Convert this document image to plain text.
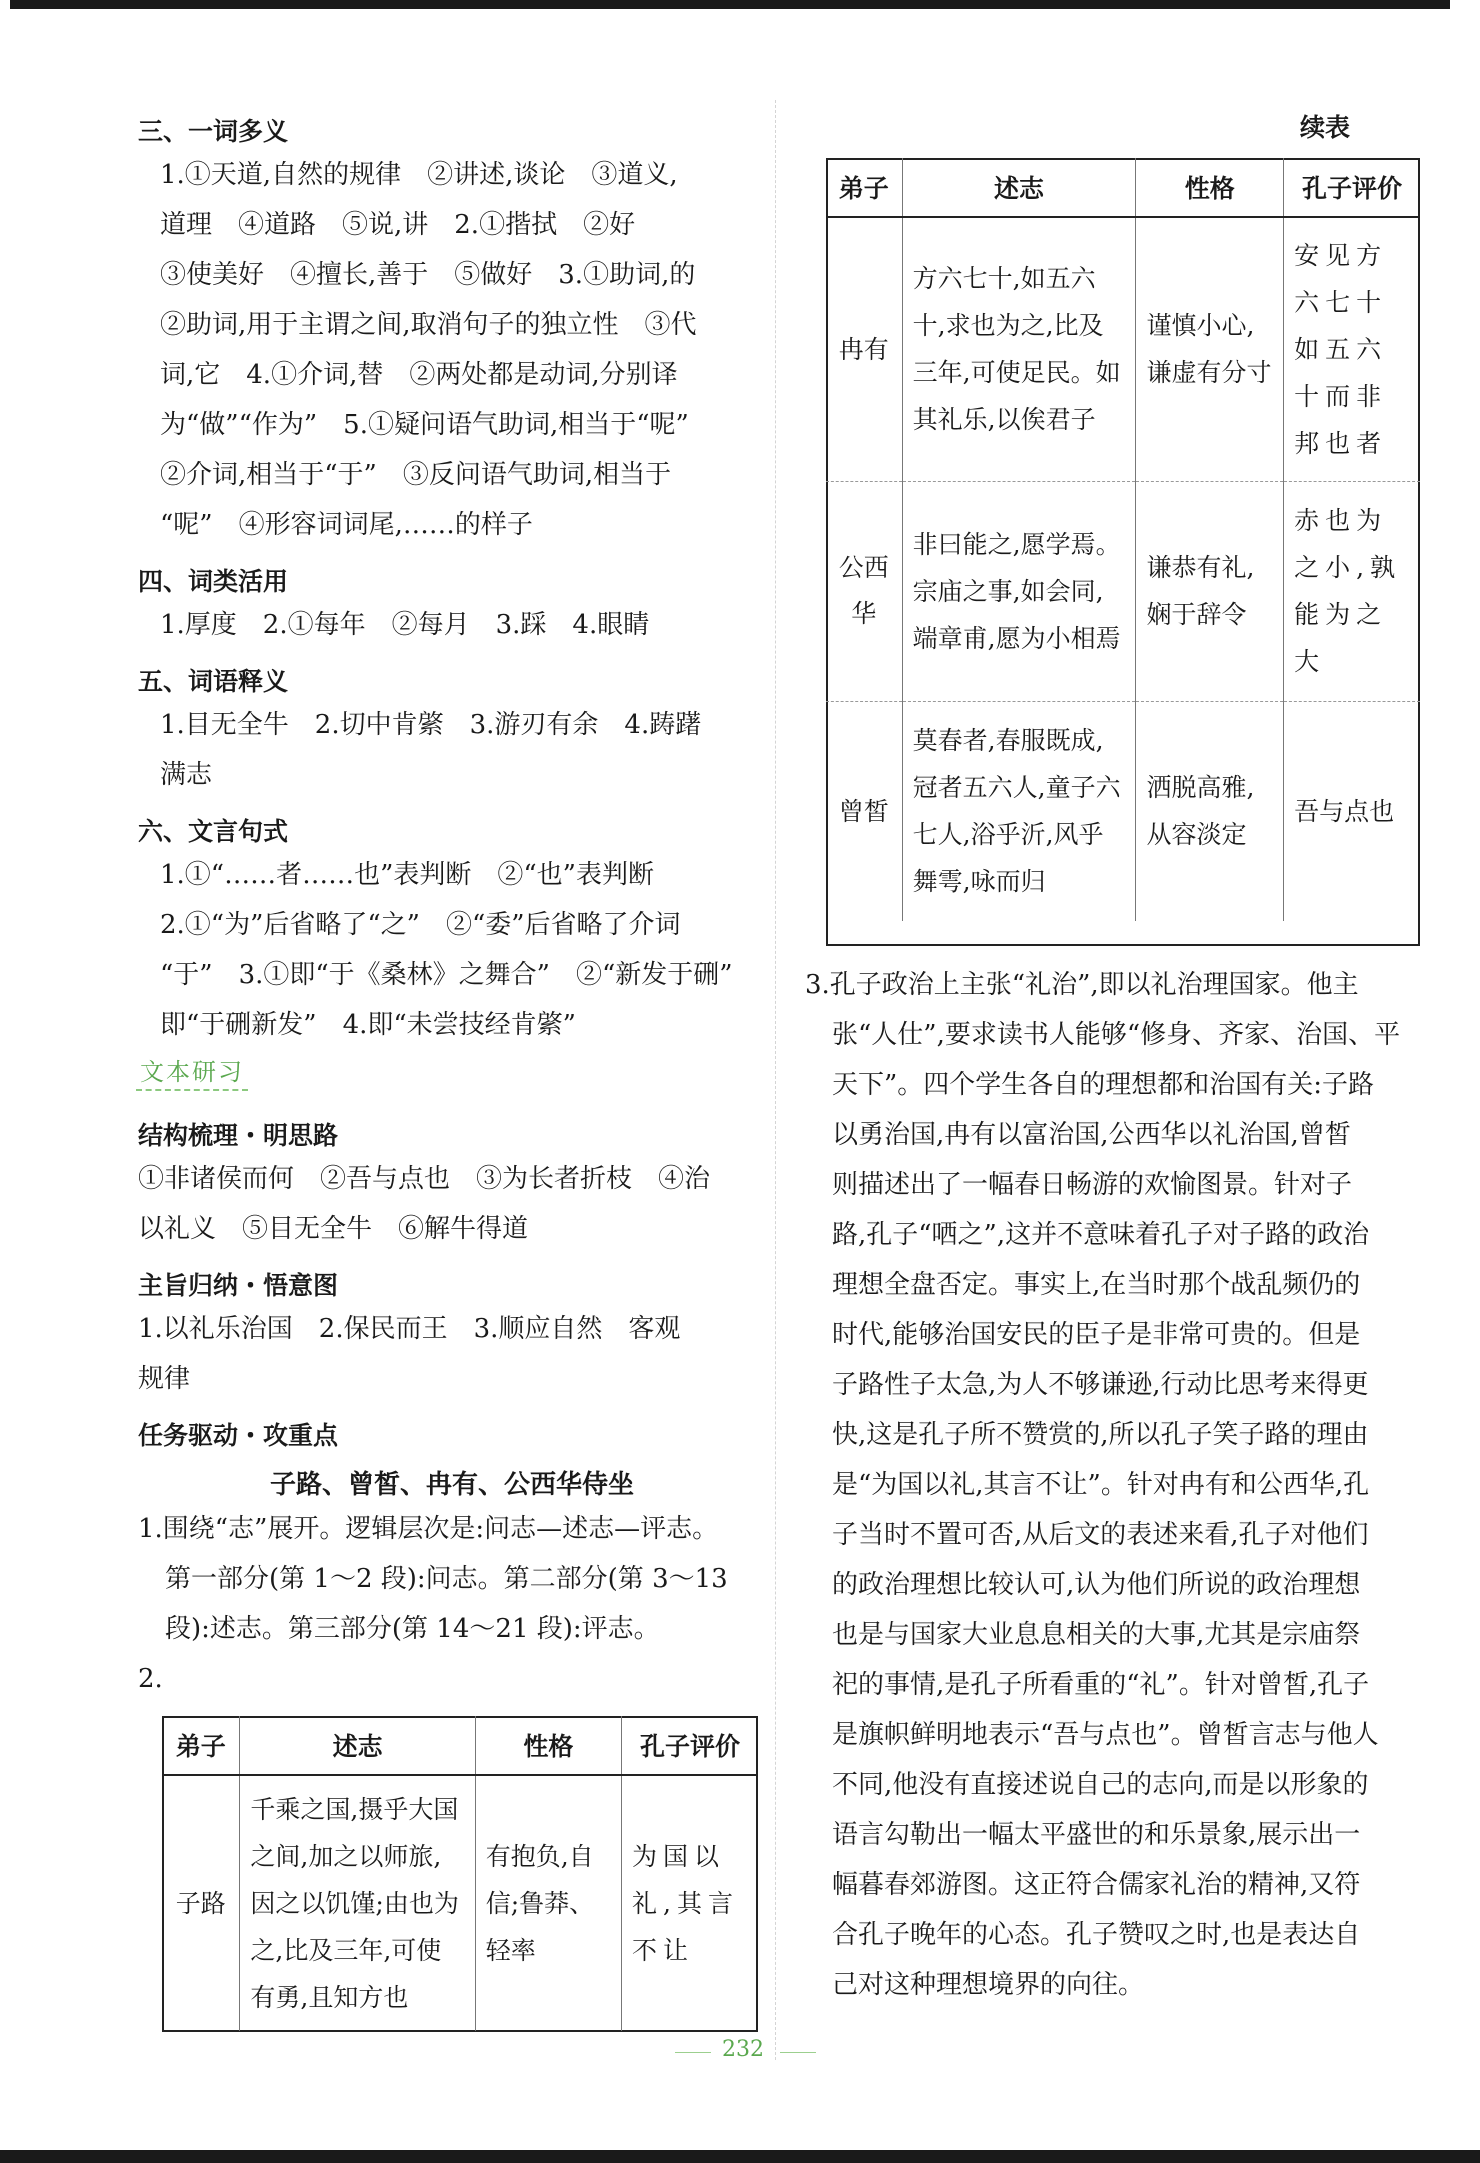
三、一词多义
1.①天道,自然的规律　②讲述,谈论　③道义,
道理　④道路　⑤说,讲　2.①揩拭　②好
③使美好　④擅长,善于　⑤做好　3.①助词,的
②助词,用于主谓之间,取消句子的独立性　③代
词,它　4.①介词,替　②两处都是动词,分别译
为“做”“作为”　5.①疑问语气助词,相当于“呢”
②介词,相当于“于”　③反问语气助词,相当于
“呢”　④形容词词尾,……的样子
四、词类活用
1.厚度　2.①每年　②每月　3.踩　4.眼睛
五、词语释义
1.目无全牛　2.切中肯綮　3.游刃有余　4.踌躇
满志
六、文言句式
1.①“……者……也”表判断　②“也”表判断
2.①“为”后省略了“之”　②“委”后省略了介词
“于”　3.①即“于《桑林》之舞合”　②“新发于硎”
即“于硎新发”　4.即“未尝技经肯綮”
文本研习
结构梳理・明思路
①非诸侯而何　②吾与点也　③为长者折枝　④治
以礼义　⑤目无全牛　⑥解牛得道
主旨归纳・悟意图
1.以礼乐治国　2.保民而王　3.顺应自然　客观
规律
任务驱动・攻重点
子路、曾皙、冉有、公西华侍坐
1.围绕“志”展开。逻辑层次是:问志—述志—评志。
第一部分(第 1～2 段):问志。第二部分(第 3～13
段):述志。第三部分(第 14～21 段):评志。
2.
弟子	述志	性格	孔子评价
子路	千乘之国,摄乎大国之间,加之以师旅,因之以饥馑;由也为之,比及三年,可使有勇,且知方也	有抱负,自信;鲁莽、轻率	为国以礼,其言不让
续表
弟子	述志	性格	孔子评价
冉有	方六七十,如五六十,求也为之,比及三年,可使足民。如其礼乐,以俟君子	谨慎小心,谦虚有分寸	安见方六七十如五六十而非邦也者
公西华	非曰能之,愿学焉。宗庙之事,如会同,端章甫,愿为小相焉	谦恭有礼,娴于辞令	赤也为之小,孰能为之大
曾皙	莫春者,春服既成,冠者五六人,童子六七人,浴乎沂,风乎舞雩,咏而归	洒脱高雅,从容淡定	吾与点也
3.孔子政治上主张“礼治”,即以礼治理国家。他主
张“人仕”,要求读书人能够“修身、齐家、治国、平
天下”。四个学生各自的理想都和治国有关:子路
以勇治国,冉有以富治国,公西华以礼治国,曾皙
则描述出了一幅春日畅游的欢愉图景。针对子
路,孔子“哂之”,这并不意味着孔子对子路的政治
理想全盘否定。事实上,在当时那个战乱频仍的
时代,能够治国安民的臣子是非常可贵的。但是
子路性子太急,为人不够谦逊,行动比思考来得更
快,这是孔子所不赞赏的,所以孔子笑子路的理由
是“为国以礼,其言不让”。针对冉有和公西华,孔
子当时不置可否,从后文的表述来看,孔子对他们
的政治理想比较认可,认为他们所说的政治理想
也是与国家大业息息相关的大事,尤其是宗庙祭
祀的事情,是孔子所看重的“礼”。针对曾皙,孔子
是旗帜鲜明地表示“吾与点也”。曾皙言志与他人
不同,他没有直接述说自己的志向,而是以形象的
语言勾勒出一幅太平盛世的和乐景象,展示出一
幅暮春郊游图。这正符合儒家礼治的精神,又符
合孔子晚年的心态。孔子赞叹之时,也是表达自
己对这种理想境界的向往。
232
